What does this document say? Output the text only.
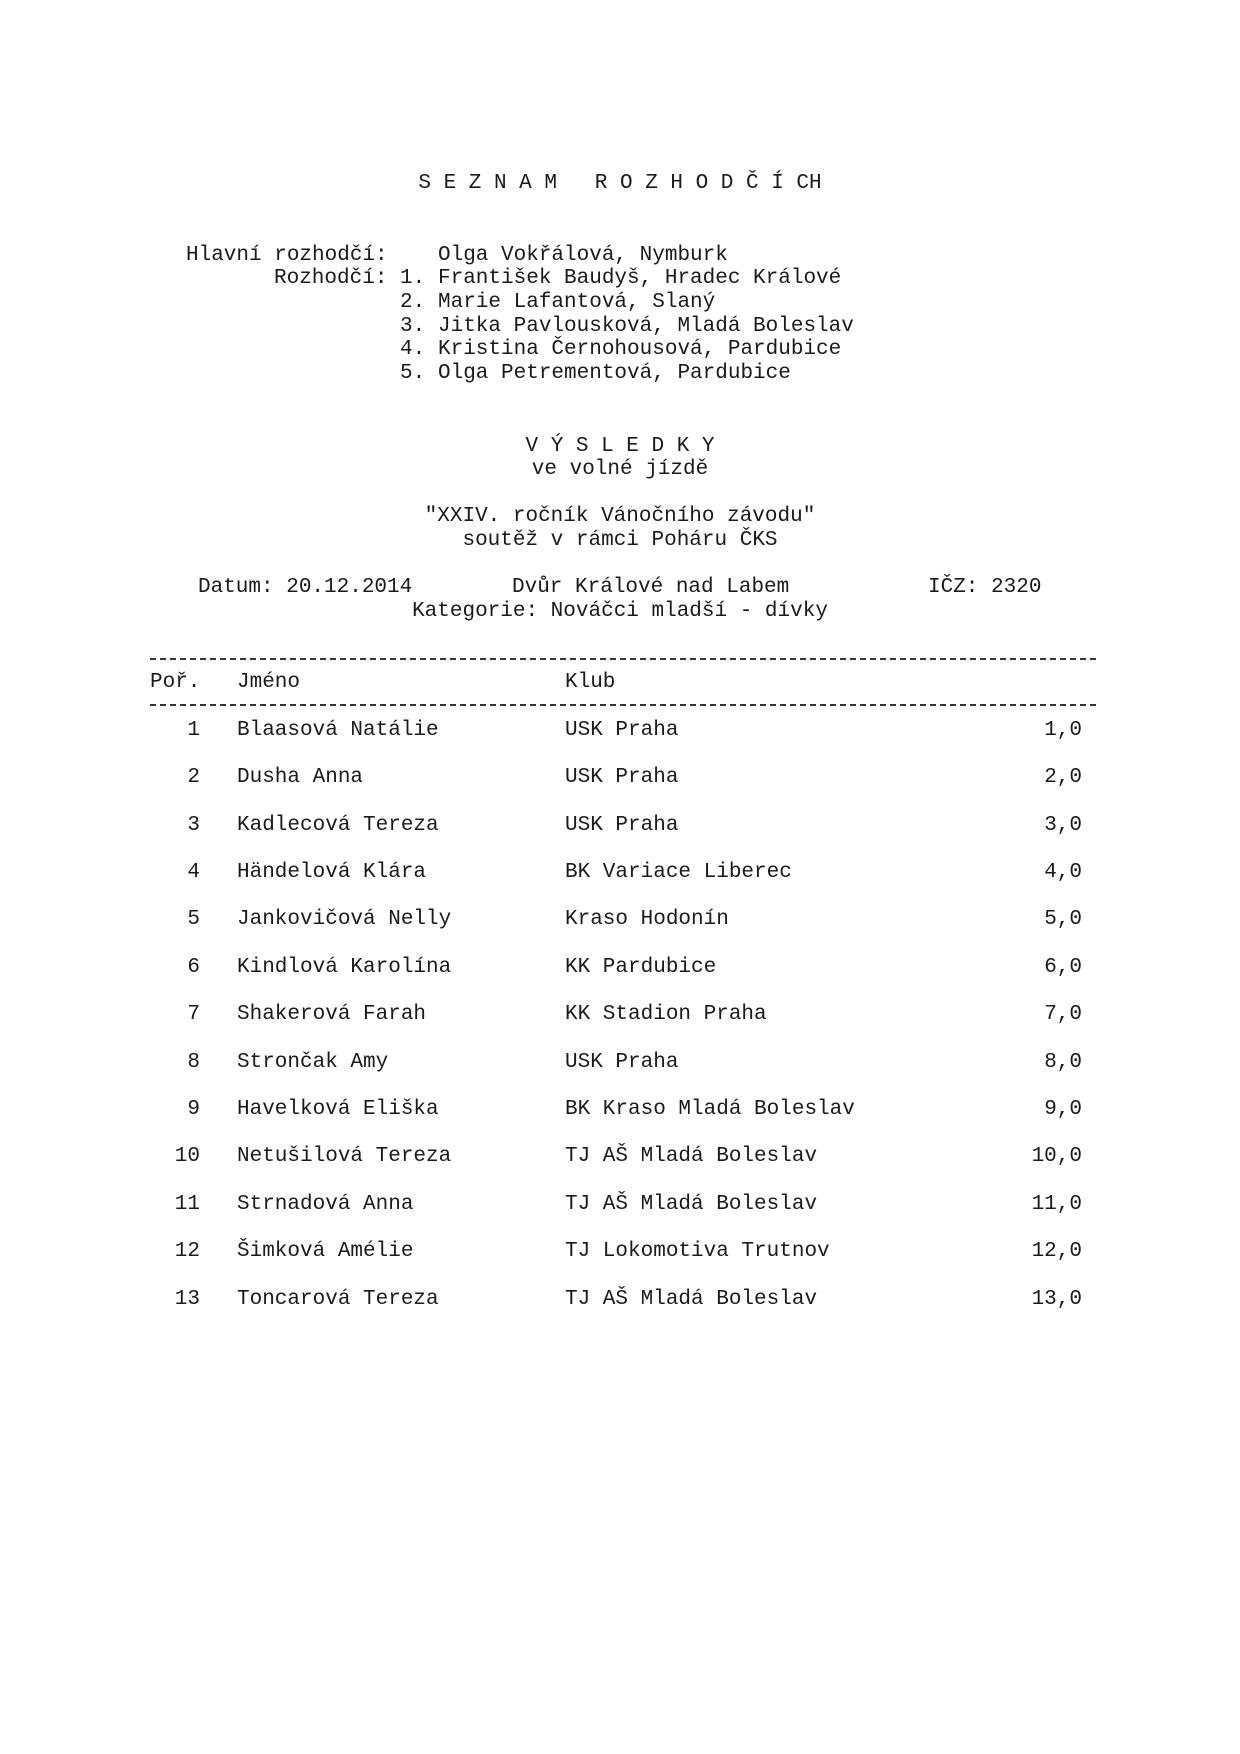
S E Z N A M   R O Z H O D Č Í CH
Hlavní rozhodčí: Olga Vokřálová, Nymburk
Rozhodčí: 1. František Baudyš, Hradec Králové
2. Marie Lafantová, Slaný
3. Jitka Pavlousková, Mladá Boleslav
4. Kristina Černohousová, Pardubice
5. Olga Petrementová, Pardubice
V Ý S L E D K Y
ve volné jízdě
"XXIV. ročník Vánočního závodu"
soutěž v rámci Poháru ČKS
Datum: 20.12.2014	Dvůr Králové nad Labem	IČZ: 2320
Kategorie: Nováčci mladší - dívky
Poř. Jméno	Klub
1 Blaasová Natálie	USK Praha	1,0
2 Dusha Anna	USK Praha	2,0
3 Kadlecová Tereza	USK Praha	3,0
4 Händelová Klára	BK Variace Liberec	4,0
5 Jankovičová Nelly	Kraso Hodonín	5,0
6 Kindlová Karolína	KK Pardubice	6,0
7 Shakerová Farah	KK Stadion Praha	7,0
8 Strončak Amy	USK Praha	8,0
9 Havelková Eliška	BK Kraso Mladá Boleslav	9,0
10 Netušilová Tereza	TJ AŠ Mladá Boleslav	10,0
11 Strnadová Anna	TJ AŠ Mladá Boleslav	11,0
12 Šimková Amélie	TJ Lokomotiva Trutnov	12,0
13 Toncarová Tereza	TJ AŠ Mladá Boleslav	13,0
